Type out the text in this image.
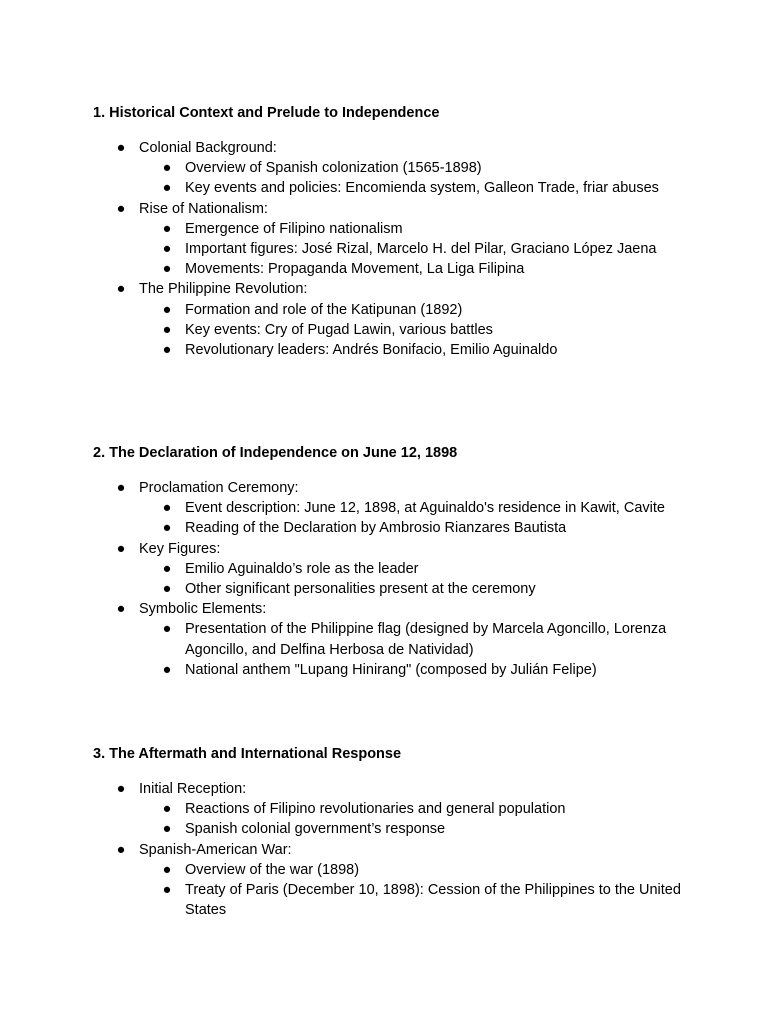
1. Historical Context and Prelude to Independence
● Colonial Background:
● Overview of Spanish colonization (1565-1898)
● Key events and policies: Encomienda system, Galleon Trade, friar abuses
● Rise of Nationalism:
● Emergence of Filipino nationalism
● Important figures: José Rizal, Marcelo H. del Pilar, Graciano López Jaena
● Movements: Propaganda Movement, La Liga Filipina
● The Philippine Revolution:
● Formation and role of the Katipunan (1892)
● Key events: Cry of Pugad Lawin, various battles
● Revolutionary leaders: Andrés Bonifacio, Emilio Aguinaldo
2. The Declaration of Independence on June 12, 1898
● Proclamation Ceremony:
● Event description: June 12, 1898, at Aguinaldo's residence in Kawit, Cavite
● Reading of the Declaration by Ambrosio Rianzares Bautista
● Key Figures:
● Emilio Aguinaldo’s role as the leader
● Other significant personalities present at the ceremony
● Symbolic Elements:
● Presentation of the Philippine flag (designed by Marcela Agoncillo, Lorenza Agoncillo, and Delfina Herbosa de Natividad)
● National anthem "Lupang Hinirang" (composed by Julián Felipe)
3. The Aftermath and International Response
● Initial Reception:
● Reactions of Filipino revolutionaries and general population
● Spanish colonial government’s response
● Spanish-American War:
● Overview of the war (1898)
● Treaty of Paris (December 10, 1898): Cession of the Philippines to the United States
